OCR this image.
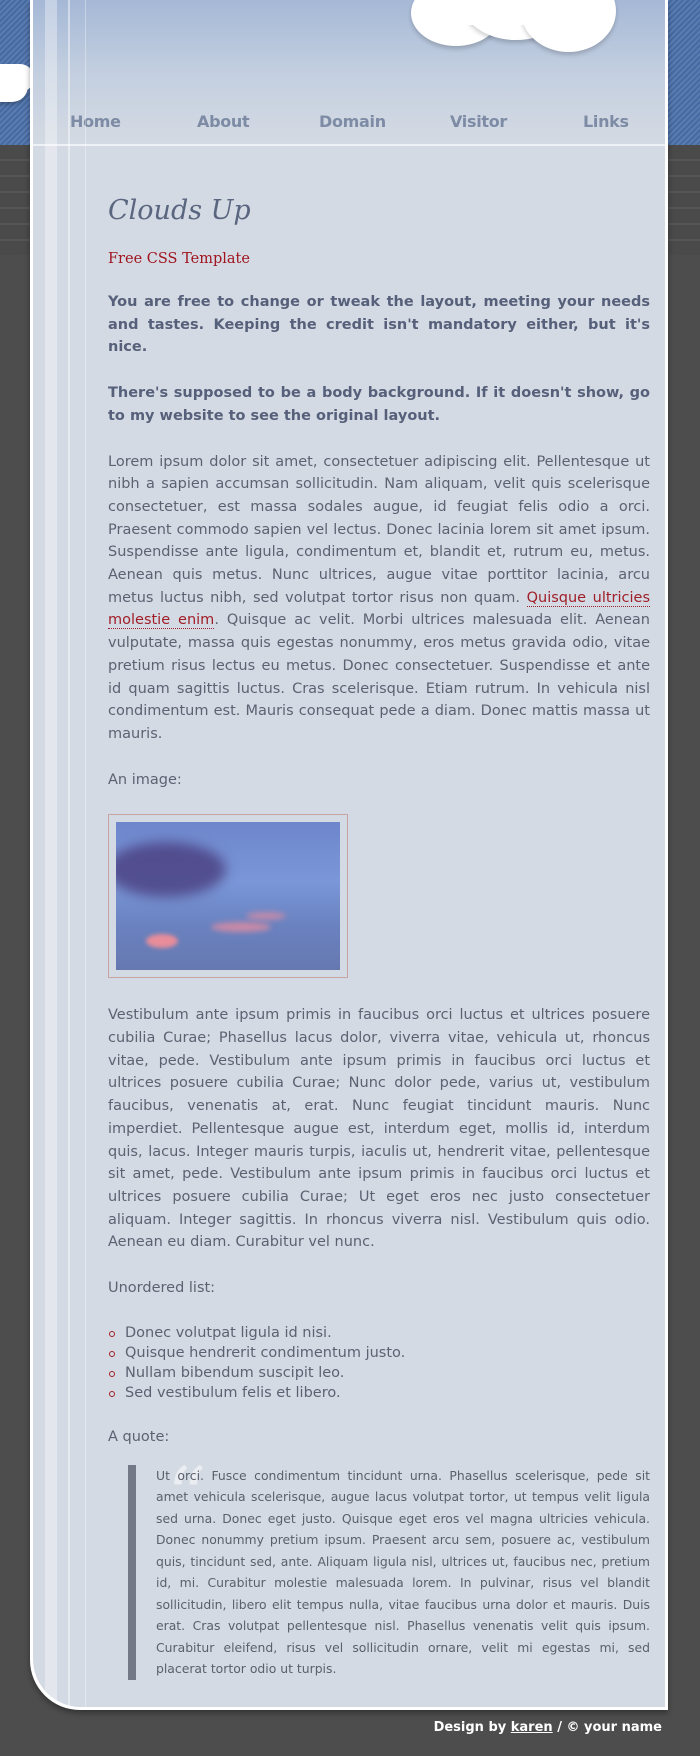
Home	About	Domain	Visitor	Links
Clouds Up
Free CSS Template

You are free to change or tweak the layout, meeting your needs and tastes. Keeping the credit isn't mandatory either, but it's nice.

There's supposed to be a body background. If it doesn't show, go to my website to see the original layout.

Lorem ipsum dolor sit amet, consectetuer adipiscing elit. Pellentesque ut nibh a sapien accumsan sollicitudin. Nam aliquam, velit quis scelerisque consectetuer, est massa sodales augue, id feugiat felis odio a orci. Praesent commodo sapien vel lectus. Donec lacinia lorem sit amet ipsum. Suspendisse ante ligula, condimentum et, blandit et, rutrum eu, metus. Aenean quis metus. Nunc ultrices, augue vitae porttitor lacinia, arcu metus luctus nibh, sed volutpat tortor risus non quam. Quisque ultricies molestie enim. Quisque ac velit. Morbi ultrices malesuada elit. Aenean vulputate, massa quis egestas nonummy, eros metus gravida odio, vitae pretium risus lectus eu metus. Donec consectetuer. Suspendisse et ante id quam sagittis luctus. Cras scelerisque. Etiam rutrum. In vehicula nisl condimentum est. Mauris consequat pede a diam. Donec mattis massa ut mauris.

An image:

Vestibulum ante ipsum primis in faucibus orci luctus et ultrices posuere cubilia Curae; Phasellus lacus dolor, viverra vitae, vehicula ut, rhoncus vitae, pede. Vestibulum ante ipsum primis in faucibus orci luctus et ultrices posuere cubilia Curae; Nunc dolor pede, varius ut, vestibulum faucibus, venenatis at, erat. Nunc feugiat tincidunt mauris. Nunc imperdiet. Pellentesque augue est, interdum eget, mollis id, interdum quis, lacus. Integer mauris turpis, iaculis ut, hendrerit vitae, pellentesque sit amet, pede. Vestibulum ante ipsum primis in faucibus orci luctus et ultrices posuere cubilia Curae; Ut eget eros nec justo consectetuer aliquam. Integer sagittis. In rhoncus viverra nisl. Vestibulum quis odio. Aenean eu diam. Curabitur vel nunc.

Unordered list:

Donec volutpat ligula id nisi.
Quisque hendrerit condimentum justo.
Nullam bibendum suscipit leo.
Sed vestibulum felis et libero.

A quote:

“
Ut orci. Fusce condimentum tincidunt urna. Phasellus scelerisque, pede sit amet vehicula scelerisque, augue lacus volutpat tortor, ut tempus velit ligula sed urna. Donec eget justo. Quisque eget eros vel magna ultricies vehicula. Donec nonummy pretium ipsum. Praesent arcu sem, posuere ac, vestibulum quis, tincidunt sed, ante. Aliquam ligula nisl, ultrices ut, faucibus nec, pretium id, mi. Curabitur molestie malesuada lorem. In pulvinar, risus vel blandit sollicitudin, libero elit tempus nulla, vitae faucibus urna dolor et mauris. Duis erat. Cras volutpat pellentesque nisl. Phasellus venenatis velit quis ipsum. Curabitur eleifend, risus vel sollicitudin ornare, velit mi egestas mi, sed placerat tortor odio ut turpis.
Design by karen / © your name
